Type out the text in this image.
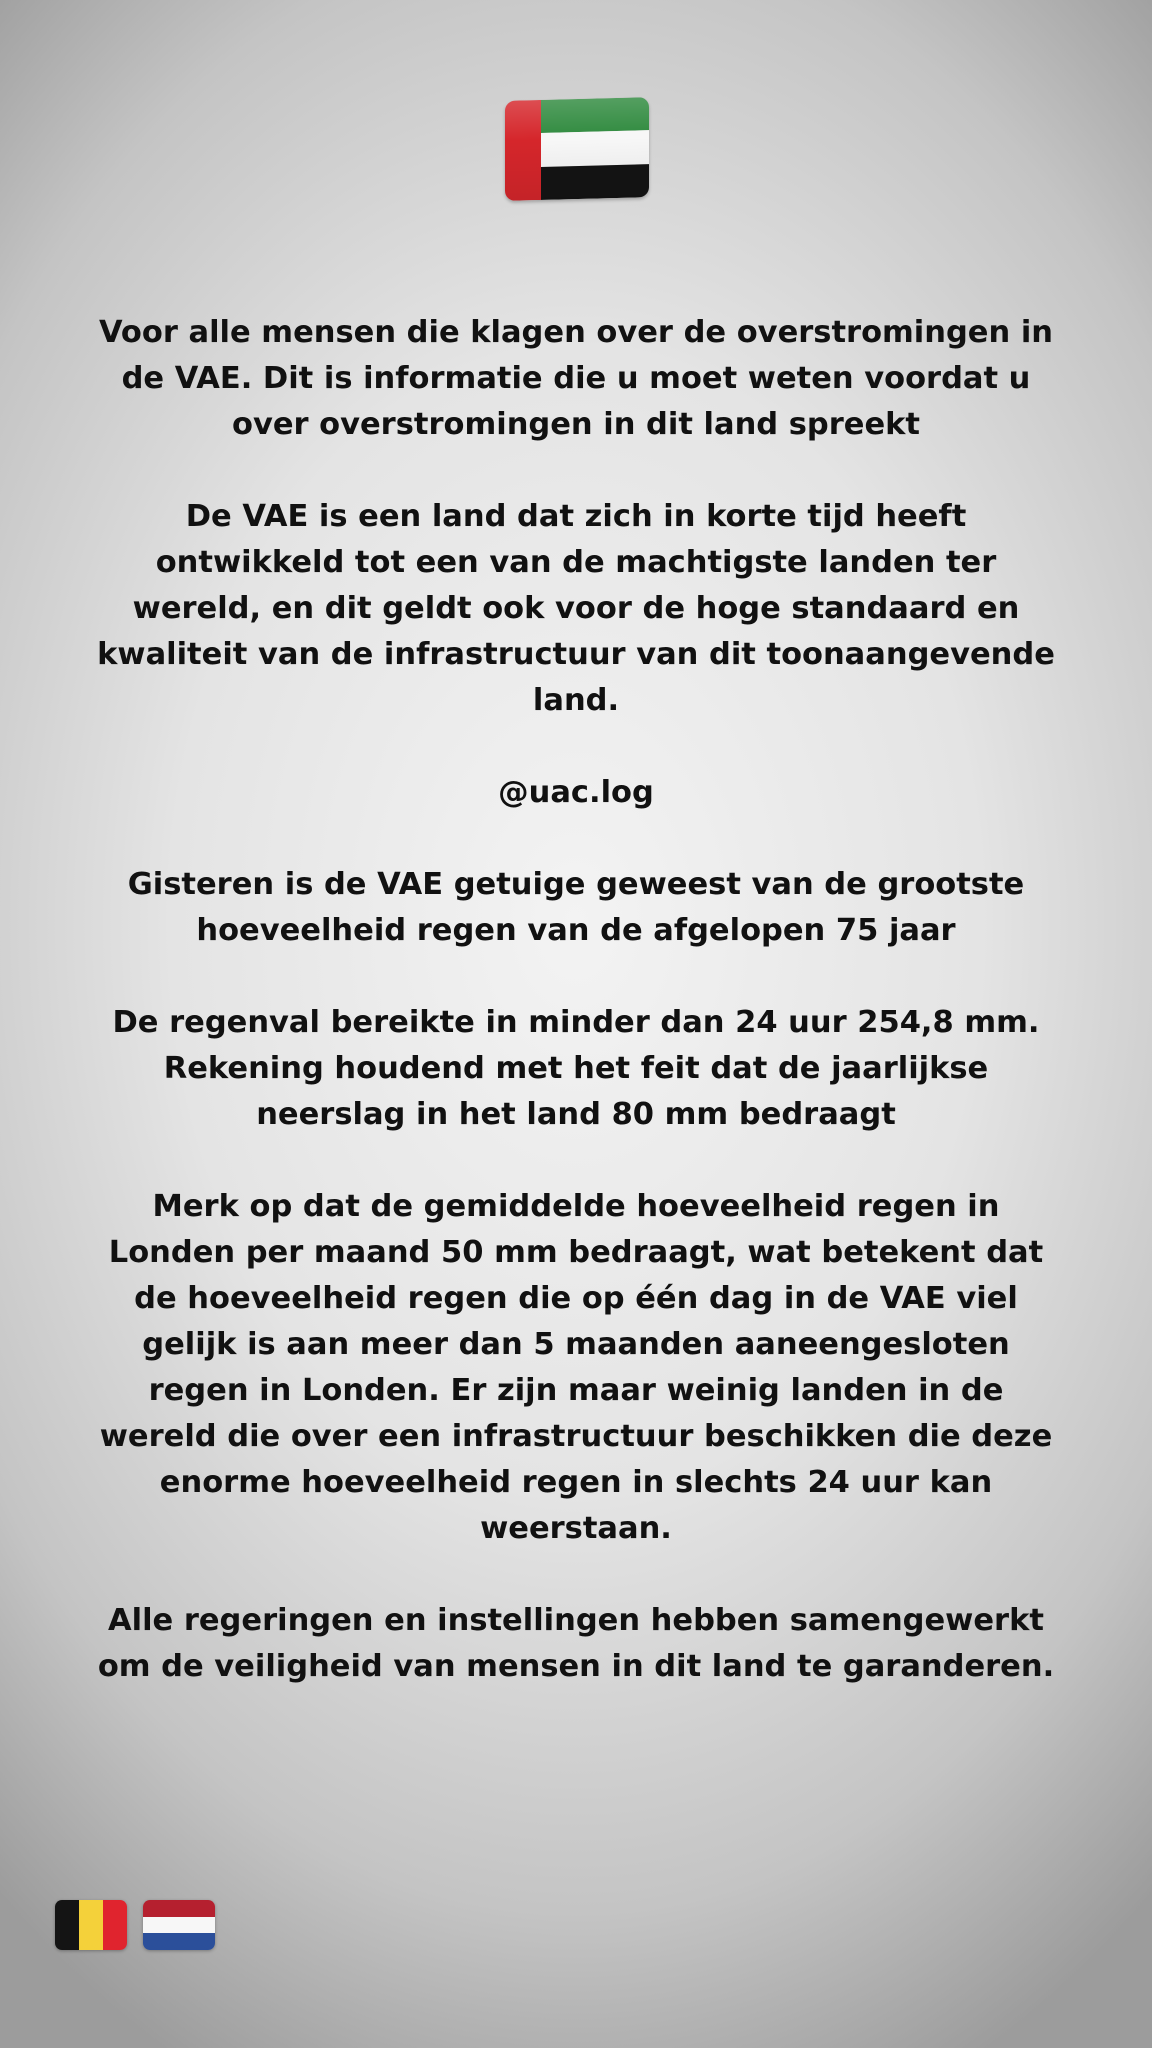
Voor alle mensen die klagen over de overstromingen in
de VAE. Dit is informatie die u moet weten voordat u
over overstromingen in dit land spreekt

De VAE is een land dat zich in korte tijd heeft
ontwikkeld tot een van de machtigste landen ter
wereld, en dit geldt ook voor de hoge standaard en
kwaliteit van de infrastructuur van dit toonaangevende
land.

@uac.log

Gisteren is de VAE getuige geweest van de grootste
hoeveelheid regen van de afgelopen 75 jaar

De regenval bereikte in minder dan 24 uur 254,8 mm.
Rekening houdend met het feit dat de jaarlijkse
neerslag in het land 80 mm bedraagt

Merk op dat de gemiddelde hoeveelheid regen in
Londen per maand 50 mm bedraagt, wat betekent dat
de hoeveelheid regen die op één dag in de VAE viel
gelijk is aan meer dan 5 maanden aaneengesloten
regen in Londen. Er zijn maar weinig landen in de
wereld die over een infrastructuur beschikken die deze
enorme hoeveelheid regen in slechts 24 uur kan
weerstaan.

Alle regeringen en instellingen hebben samengewerkt
om de veiligheid van mensen in dit land te garanderen.
